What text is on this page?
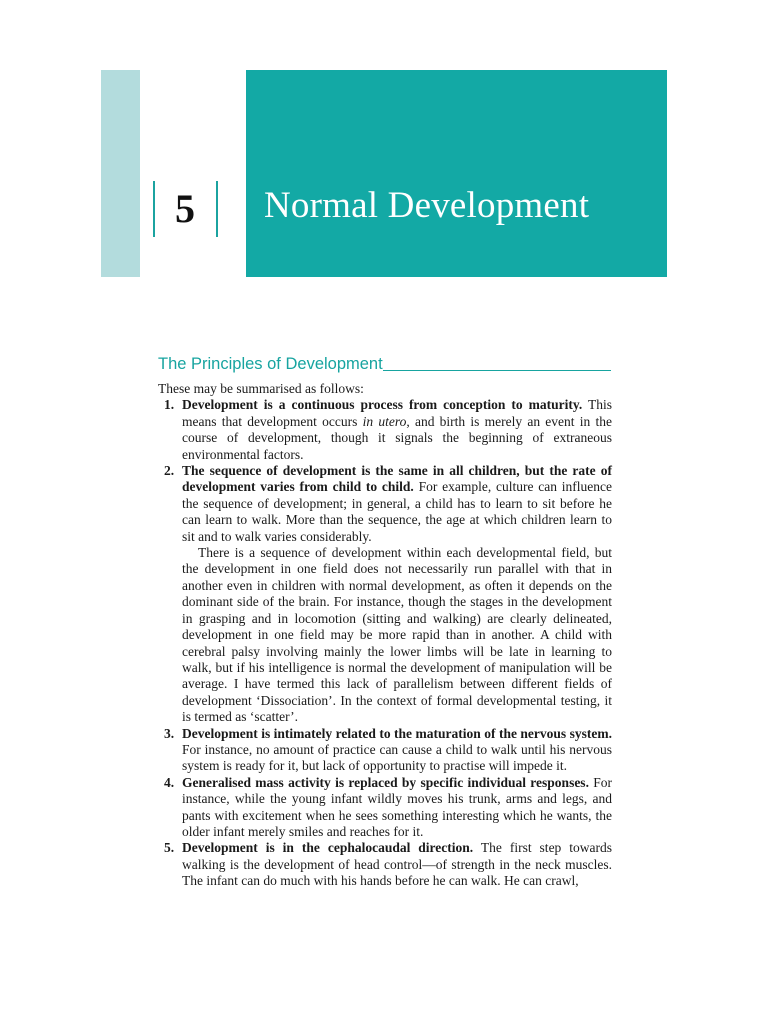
5	Normal Development
The Principles of Development

These may be summarised as follows:

1. Development is a continuous process from conception to maturity. This means that development occurs in utero, and birth is merely an event in the course of development, though it signals the beginning of extraneous environmental factors.

2. The sequence of development is the same in all children, but the rate of development varies from child to child. For example, culture can influence the sequence of development; in general, a child has to learn to sit before he can learn to walk. More than the sequence, the age at which children learn to sit and to walk varies considerably.

There is a sequence of development within each developmental field, but the development in one field does not necessarily run parallel with that in another even in children with normal development, as often it depends on the dominant side of the brain. For instance, though the stages in the development in grasping and in locomotion (sitting and walking) are clearly delineated, development in one field may be more rapid than in another. A child with cerebral palsy involving mainly the lower limbs will be late in learning to walk, but if his intelligence is normal the development of manipulation will be average. I have termed this lack of parallelism between different fields of development ‘Dissociation’. In the context of formal developmental testing, it is termed as ‘scatter’.

3. Development is intimately related to the maturation of the nervous system. For instance, no amount of practice can cause a child to walk until his nervous system is ready for it, but lack of opportunity to practise will impede it.

4. Generalised mass activity is replaced by specific individual responses. For instance, while the young infant wildly moves his trunk, arms and legs, and pants with excitement when he sees something interesting which he wants, the older infant merely smiles and reaches for it.

5. Development is in the cephalocaudal direction. The first step towards walking is the development of head control—of strength in the neck muscles. The infant can do much with his hands before he can walk. He can crawl,
